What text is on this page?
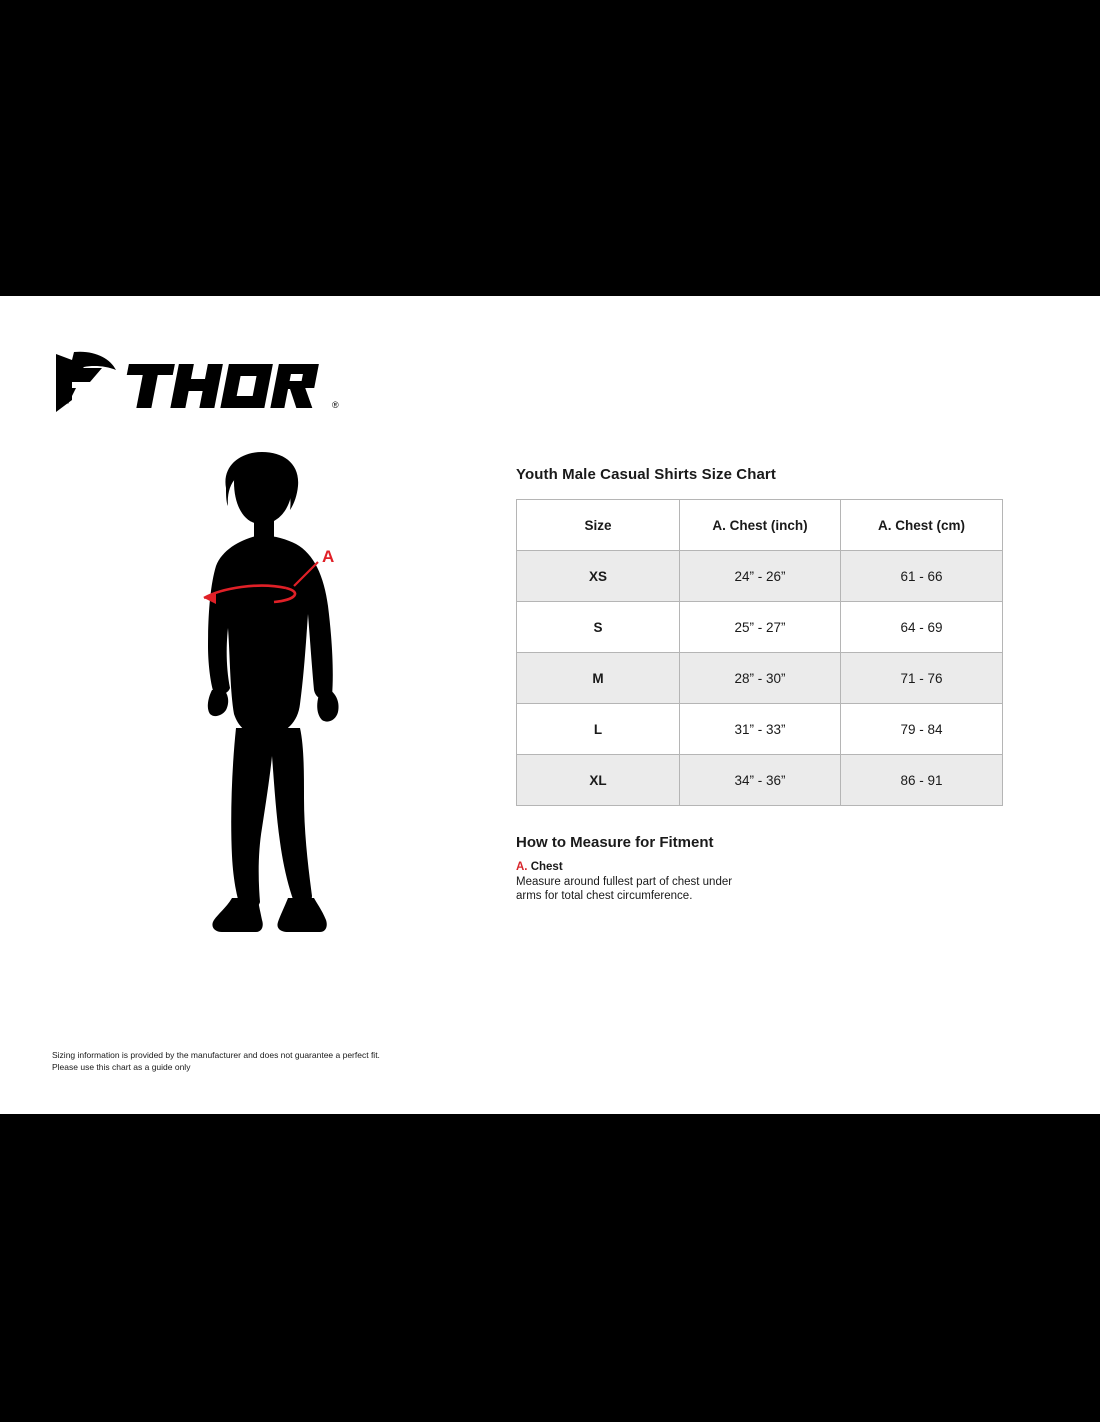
®
A
Youth Male Casual Shirts Size Chart
Size	A. Chest (inch)	A. Chest (cm)
XS	24” - 26”	61 - 66
S	25” - 27”	64 - 69
M	28” - 30”	71 - 76
L	31” - 33”	79 - 84
XL	34” - 36”	86 - 91
How to Measure for Fitment
A. Chest
Measure around fullest part of chest under arms for total chest circumference.
Sizing information is provided by the manufacturer and does not guarantee a perfect fit.
Please use this chart as a guide only
